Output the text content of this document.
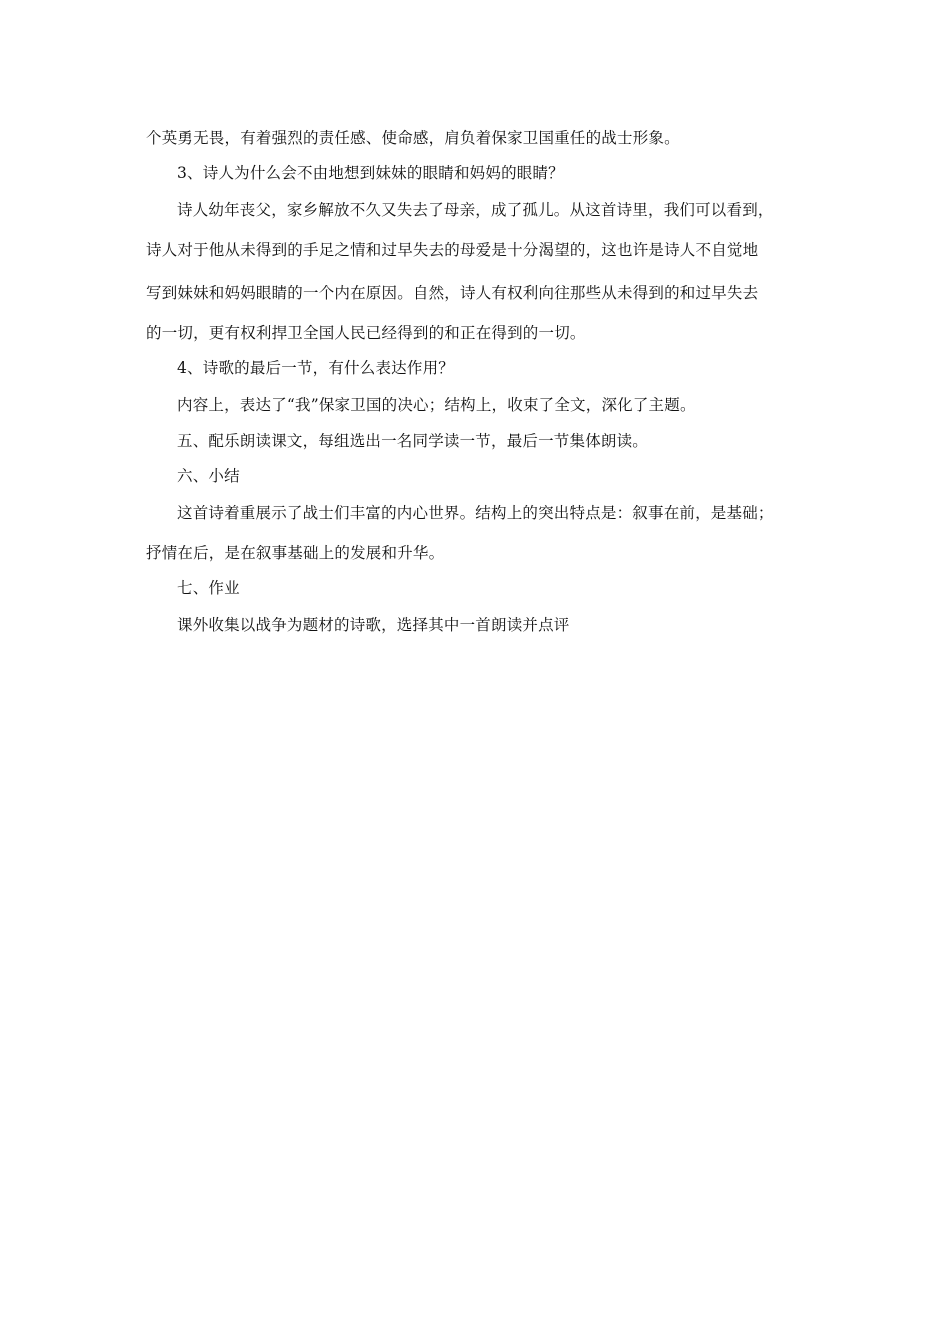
个英勇无畏，有着强烈的责任感、使命感，肩负着保家卫国重任的战士形象。
3、诗人为什么会不由地想到妹妹的眼睛和妈妈的眼睛？
诗人幼年丧父，家乡解放不久又失去了母亲，成了孤儿。从这首诗里，我们可以看到，
诗人对于他从未得到的手足之情和过早失去的母爱是十分渴望的，这也许是诗人不自觉地
写到妹妹和妈妈眼睛的一个内在原因。自然，诗人有权利向往那些从未得到的和过早失去
的一切，更有权利捍卫全国人民已经得到的和正在得到的一切。
4、诗歌的最后一节，有什么表达作用？
内容上，表达了“我”保家卫国的决心；结构上，收束了全文，深化了主题。
五、配乐朗读课文，每组选出一名同学读一节，最后一节集体朗读。
六、小结
这首诗着重展示了战士们丰富的内心世界。结构上的突出特点是：叙事在前，是基础；
抒情在后，是在叙事基础上的发展和升华。
七、作业
课外收集以战争为题材的诗歌，选择其中一首朗读并点评
